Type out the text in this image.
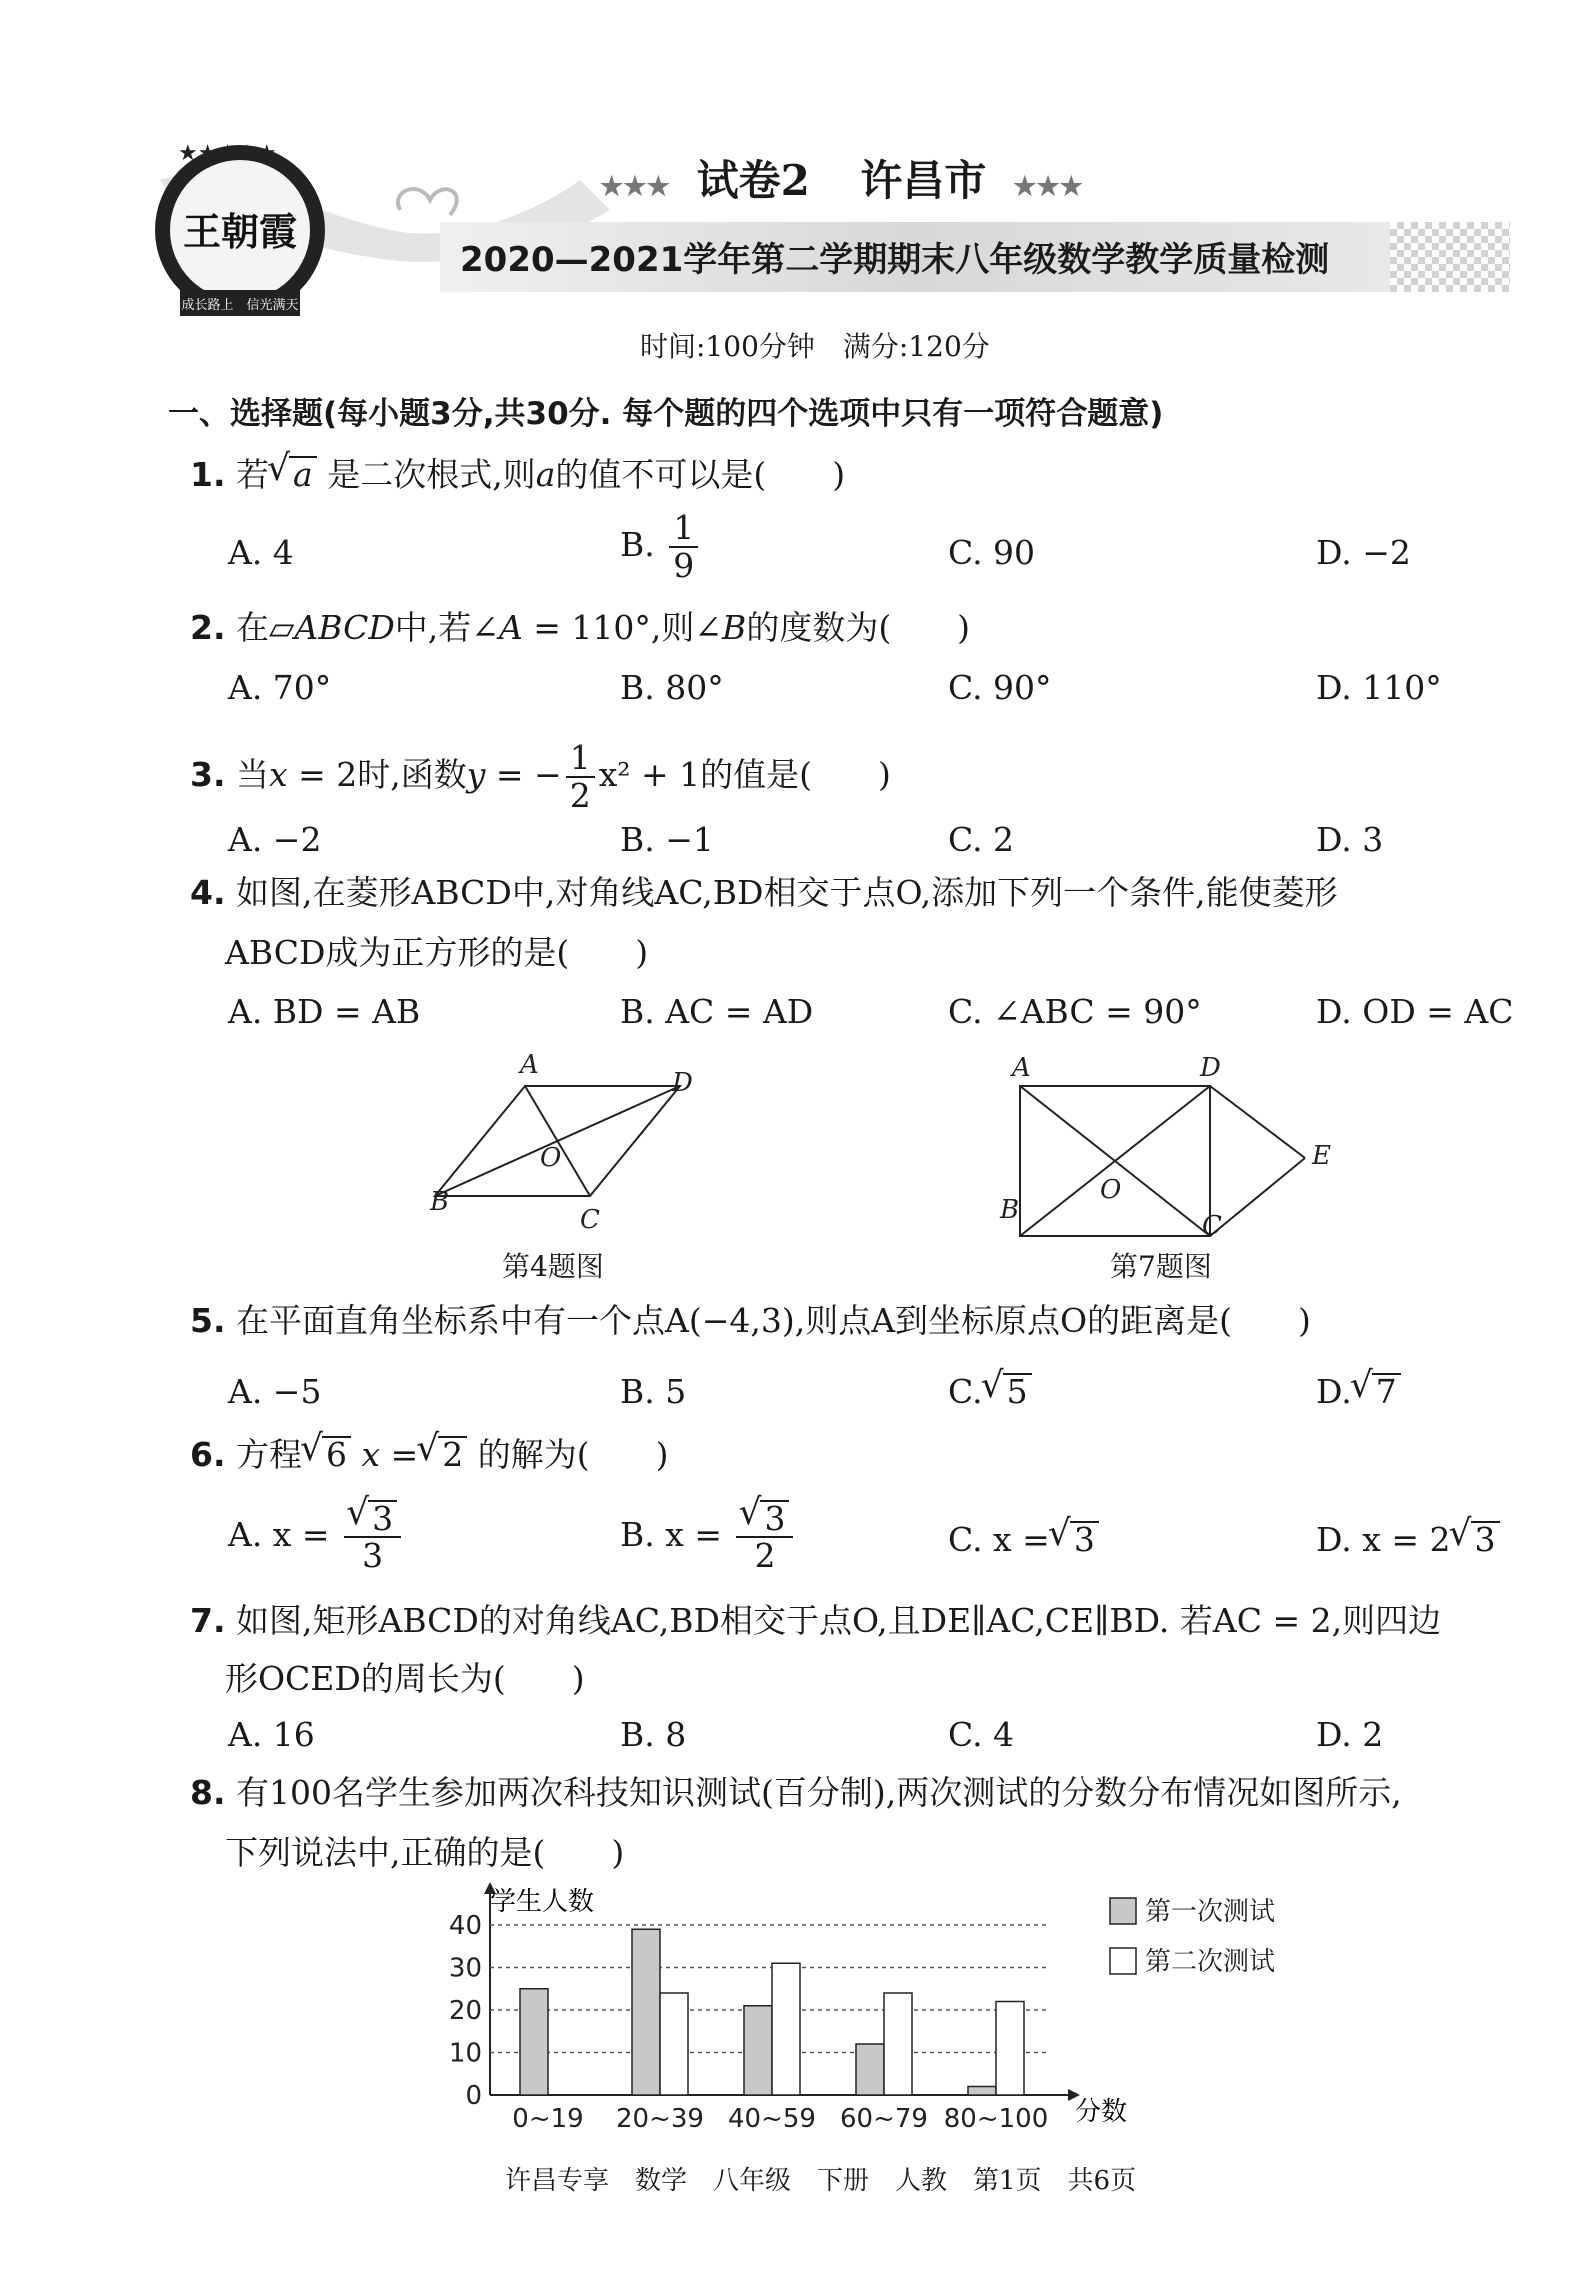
王朝霞
成长路上　信光满天
★★★★★
★★★ 试卷2 许昌市 ★★★
2020—2021学年第二学期期末八年级数学教学质量检测
时间:100分钟　满分:120分
一、选择题(每小题3分,共30分. 每个题的四个选项中只有一项符合题意)
1. 若 √ a 是二次根式,则a的值不可以是(　　)
A. 4	B. $\frac{1}{9}$	C. 90	D. −2
2. 在▱ABCD中,若∠A = 110°,则∠B的度数为(　　)
A. 70°	B. 80°	C. 90°	D. 110°
3. 当x = 2时,函数y = − $\frac{1}{2} x^2 + 1$的值是(　　)
A. −2	B. −1	C. 2	D. 3
4. 如图,在菱形ABCD中,对角线AC,BD相交于点O,添加下列一个条件,能使菱形
ABCD成为正方形的是(　　)
A. BD = AB	B. AC = AD	C. ∠ABC = 90°	D. OD = AC
A
B
C
D
O
第4题图
A
B
C
D
E
O
第7题图
5. 在平面直角坐标系中有一个点A(−4,3),则点A到坐标原点O的距离是(　　)
A. −5	B. 5	C. √ 5	D. √ 7
6. 方程 √ 6 x = √ 2 的解为(　　)
A. x = √ $\frac{3}{3}$	B. x = √ $\frac{3}{2}$	C. x = √ 3	D. x = 2 √ 3
7. 如图,矩形ABCD的对角线AC,BD相交于点O,且DE∥AC,CE∥BD. 若AC = 2,则四边
形OCED的周长为(　　)
A. 16	B. 8	C. 4	D. 2
8. 有100名学生参加两次科技知识测试(百分制),两次测试的分数分布情况如图所示,
下列说法中,正确的是(　　)
0
10
20
30
40
0~19 20~39 40~59 60~79 80~100
学生人数
分数
第一次测试
第二次测试
许昌专享　数学　八年级　下册　人教　第1页　共6页
